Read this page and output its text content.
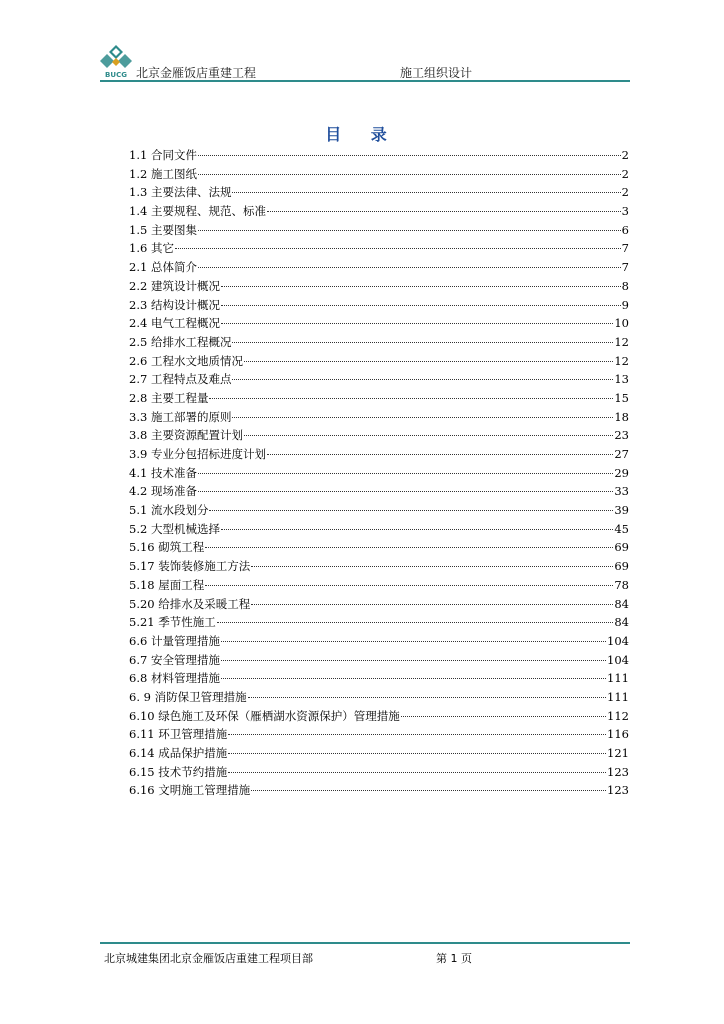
BUCG 北京金雁饭店重建工程	施工组织设计
目 录
1.1 合同文件	2
1.2 施工图纸	2
1.3 主要法律、法规	2
1.4 主要规程、规范、标准	3
1.5 主要图集	6
1.6 其它	7
2.1 总体简介	7
2.2 建筑设计概况	8
2.3 结构设计概况	9
2.4 电气工程概况	10
2.5 给排水工程概况	12
2.6 工程水文地质情况	12
2.7 工程特点及难点	13
2.8 主要工程量	15
3.3 施工部署的原则	18
3.8 主要资源配置计划	23
3.9 专业分包招标进度计划	27
4.1 技术准备	29
4.2 现场准备	33
5.1 流水段划分	39
5.2 大型机械选择	45
5.16 砌筑工程	69
5.17 装饰装修施工方法	69
5.18 屋面工程	78
5.20 给排水及采暖工程	84
5.21 季节性施工	84
6.6 计量管理措施	104
6.7 安全管理措施	104
6.8 材料管理措施	111
6. 9 消防保卫管理措施	111
6.10 绿色施工及环保（雁栖湖水资源保护）管理措施	112
6.11 环卫管理措施	116
6.14 成品保护措施	121
6.15 技术节约措施	123
6.16 文明施工管理措施	123
北京城建集团北京金雁饭店重建工程项目部	第 1 页
